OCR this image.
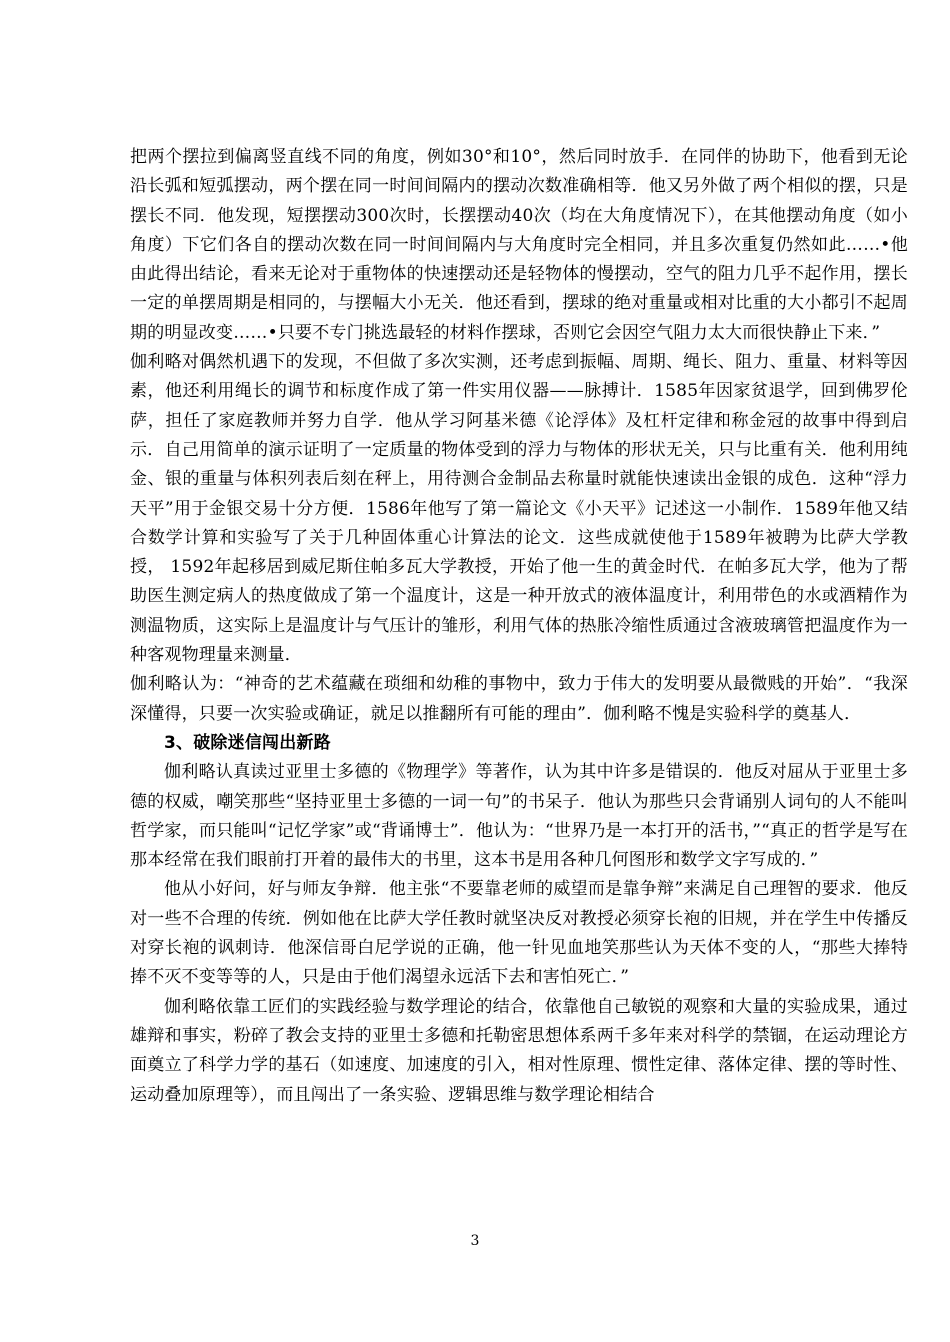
把两个摆拉到偏离竖直线不同的角度，例如30°和10°，然后同时放手．在同伴的协助下，他看到无论沿长弧和短弧摆动，两个摆在同一时间间隔内的摆动次数准确相等．他又另外做了两个相似的摆，只是摆长不同．他发现，短摆摆动300次时，长摆摆动40次（均在大角度情况下），在其他摆动角度（如小角度）下它们各自的摆动次数在同一时间间隔内与大角度时完全相同，并且多次重复仍然如此……•他由此得出结论，看来无论对于重物体的快速摆动还是轻物体的慢摆动，空气的阻力几乎不起作用，摆长一定的单摆周期是相同的，与摆幅大小无关．他还看到，摆球的绝对重量或相对比重的大小都引不起周期的明显改变……•只要不专门挑选最轻的材料作摆球，否则它会因空气阻力太大而很快静止下来．”

伽利略对偶然机遇下的发现，不但做了多次实测，还考虑到振幅、周期、绳长、阻力、重量、材料等因素，他还利用绳长的调节和标度作成了第一件实用仪器——脉搏计．1585年因家贫退学，回到佛罗伦萨，担任了家庭教师并努力自学．他从学习阿基米德《论浮体》及杠杆定律和称金冠的故事中得到启示．自己用简单的演示证明了一定质量的物体受到的浮力与物体的形状无关，只与比重有关．他利用纯金、银的重量与体积列表后刻在秤上，用待测合金制品去称量时就能快速读出金银的成色．这种“浮力天平”用于金银交易十分方便．1586年他写了第一篇论文《小天平》记述这一小制作．1589年他又结合数学计算和实验写了关于几种固体重心计算法的论文．这些成就使他于1589年被聘为比萨大学教授， 1592年起移居到威尼斯住帕多瓦大学教授，开始了他一生的黄金时代．在帕多瓦大学，他为了帮助医生测定病人的热度做成了第一个温度计，这是一种开放式的液体温度计，利用带色的水或酒精作为测温物质，这实际上是温度计与气压计的雏形，利用气体的热胀冷缩性质通过含液玻璃管把温度作为一种客观物理量来测量．

伽利略认为：“神奇的艺术蕴藏在琐细和幼稚的事物中，致力于伟大的发明要从最微贱的开始”．“我深深懂得，只要一次实验或确证，就足以推翻所有可能的理由”．伽利略不愧是实验科学的奠基人．

3、破除迷信闯出新路

伽利略认真读过亚里士多德的《物理学》等著作，认为其中许多是错误的．他反对屈从于亚里士多德的权威，嘲笑那些“坚持亚里士多德的一词一句”的书呆子．他认为那些只会背诵别人词句的人不能叫哲学家，而只能叫“记忆学家”或“背诵博士”．他认为：“世界乃是一本打开的活书，”“真正的哲学是写在那本经常在我们眼前打开着的最伟大的书里，这本书是用各种几何图形和数学文字写成的．”

他从小好问，好与师友争辩．他主张“不要靠老师的威望而是靠争辩”来满足自己理智的要求．他反对一些不合理的传统．例如他在比萨大学任教时就坚决反对教授必须穿长袍的旧规，并在学生中传播反对穿长袍的讽刺诗．他深信哥白尼学说的正确，他一针见血地笑那些认为天体不变的人，“那些大捧特捧不灭不变等等的人，只是由于他们渴望永远活下去和害怕死亡．”

伽利略依靠工匠们的实践经验与数学理论的结合，依靠他自己敏锐的观察和大量的实验成果，通过雄辩和事实，粉碎了教会支持的亚里士多德和托勒密思想体系两千多年来对科学的禁锢，在运动理论方面奠立了科学力学的基石（如速度、加速度的引入，相对性原理、惯性定律、落体定律、摆的等时性、运动叠加原理等），而且闯出了一条实验、逻辑思维与数学理论相结合

3
